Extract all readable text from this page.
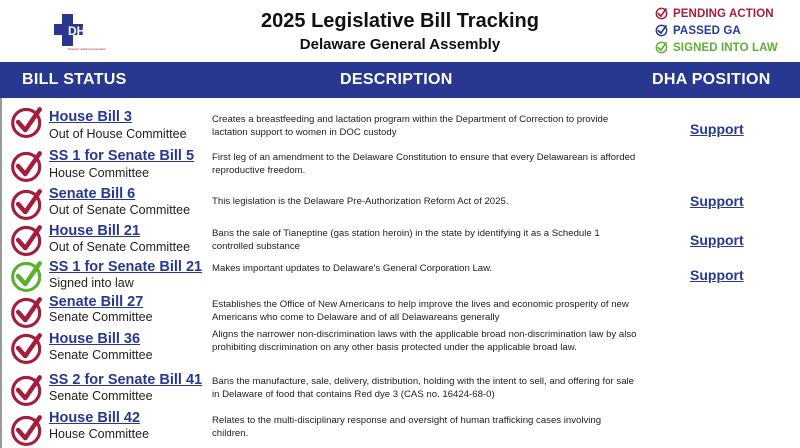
DHA
Delaware Healthcare Association
2025 Legislative Bill Tracking
Delaware General Assembly
PENDING ACTION
PASSED GA
SIGNED INTO LAW
BILL STATUS	DESCRIPTION	DHA POSITION
House Bill 3
Out of House Committee
Creates a breastfeeding and lactation program within the Department of Correction to provide lactation support to women in DOC custody	Support
SS 1 for Senate Bill 5
House Committee
First leg of an amendment to the Delaware Constitution to ensure that every Delawarean is afforded reproductive freedom.
Senate Bill 6
Out of Senate Committee
This legislation is the Delaware Pre-Authorization Reform Act of 2025.	Support
House Bill 21
Out of Senate Committee
Bans the sale of Tianeptine (gas station heroin) in the state by identifying it as a Schedule 1 controlled substance	Support
SS 1 for Senate Bill 21
Signed into law
Makes important updates to Delaware's General Corporation Law.	Support
Senate Bill 27
Senate Committee
Establishes the Office of New Americans to help improve the lives and economic prosperity of new Americans who come to Delaware and of all Delawareans generally
House Bill 36
Senate Committee
Aligns the narrower non-discrimination laws with the applicable broad non-discrimination law by also prohibiting discrimination on any other basis protected under the applicable broad law.
SS 2 for Senate Bill 41
Senate Committee
Bans the manufacture, sale, delivery, distribution, holding with the intent to sell, and offering for sale in Delaware of food that contains Red dye 3 (CAS no. 16424-68-0)
House Bill 42
House Committee
Relates to the multi-disciplinary response and oversight of human trafficking cases involving children.
